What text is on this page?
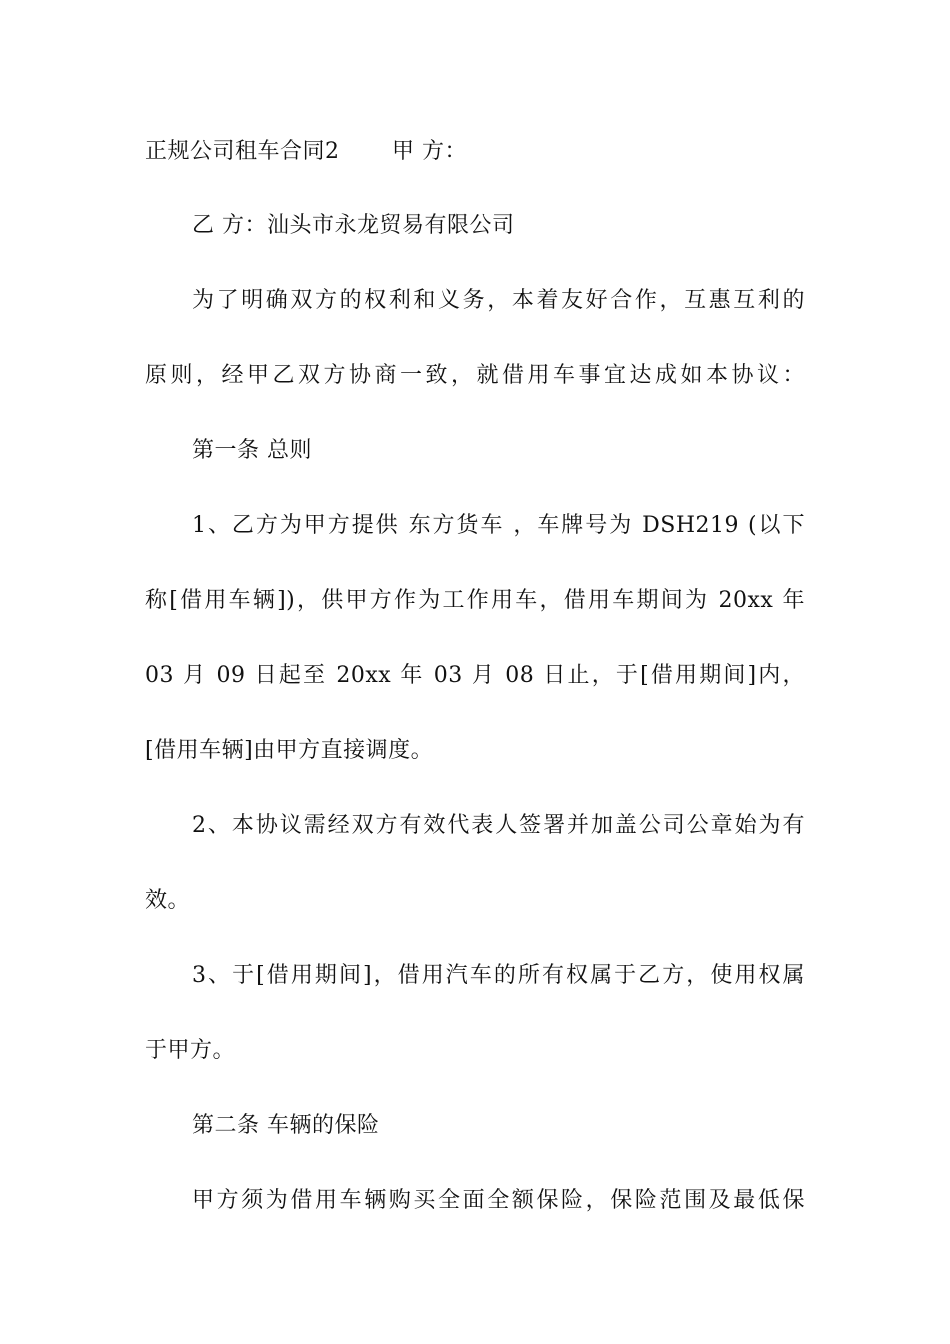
正规公司租车合同2　　 甲 方：
乙 方：汕头市永龙贸易有限公司
为了明确双方的权利和义务，本着友好合作，互惠互利的
原则，经甲乙双方协商一致，就借用车事宜达成如本协议：
第一条 总则
1、乙方为甲方提供 东方货车 ，车牌号为 DSH219 (以下
称[借用车辆])，供甲方作为工作用车，借用车期间为 20xx 年
03 月 09 日起至 20xx 年 03 月 08 日止，于[借用期间]内，
[借用车辆]由甲方直接调度。
2、本协议需经双方有效代表人签署并加盖公司公章始为有
效。
3、于[借用期间]，借用汽车的所有权属于乙方，使用权属
于甲方。
第二条 车辆的保险
甲方须为借用车辆购买全面全额保险，保险范围及最低保
